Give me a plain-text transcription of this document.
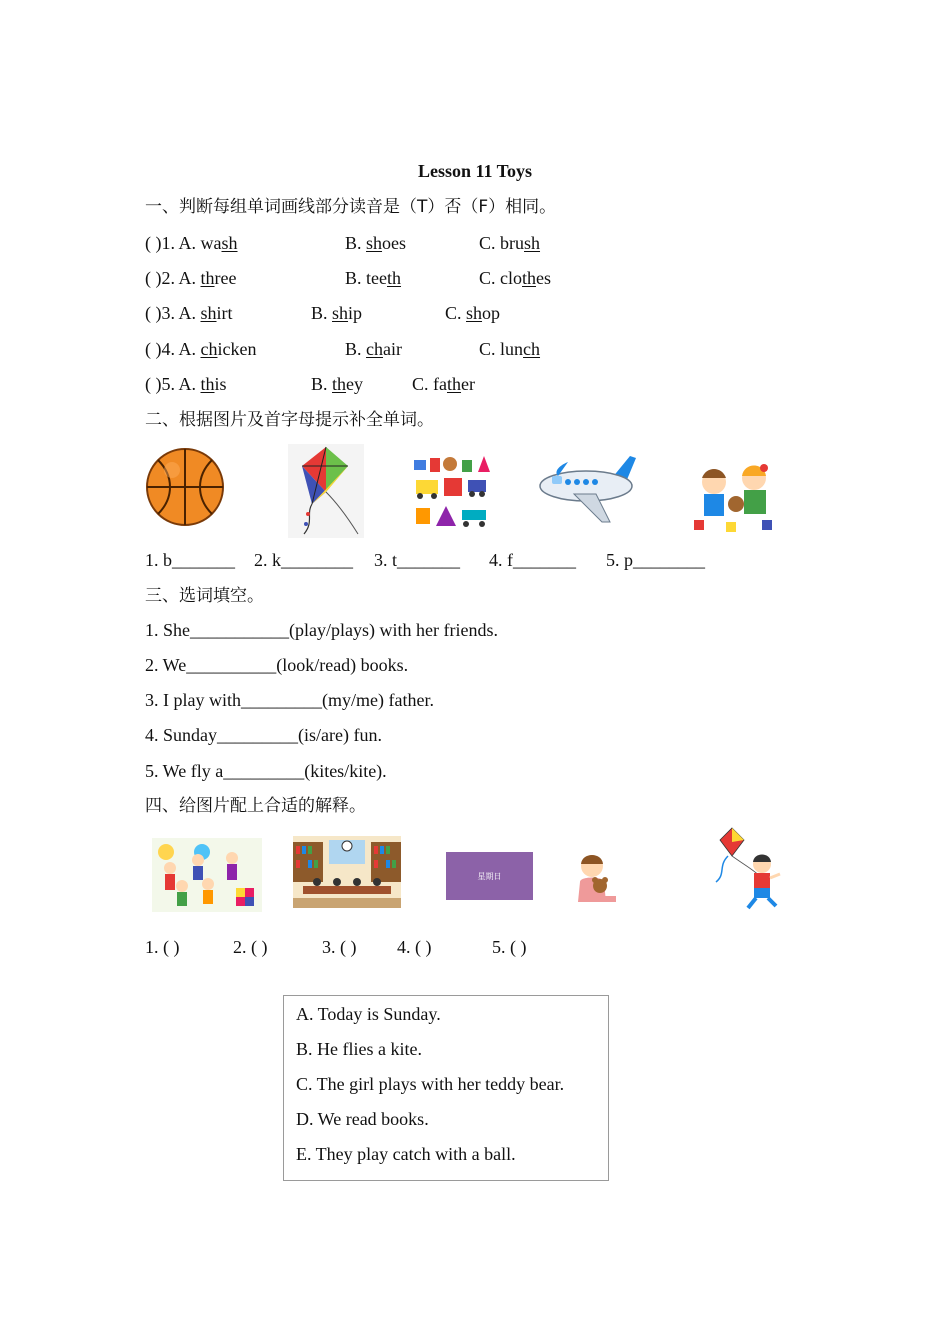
Lesson 11 Toys
一、判断每组单词画线部分读音是（T）否（F）相同。
( )1. A. wash	B. shoes	C. brush
( )2. A. three	B. teeth	C. clothes
( )3. A. shirt	B. ship	C. shop
( )4. A. chicken	B. chair	C. lunch
( )5. A. this	B. they	C. father
二、根据图片及首字母提示补全单词。
1. b_______ 2. k________ 3. t_______ 4. f_______ 5. p________
三、选词填空。
1. She___________(play/plays) with her friends.
2. We__________(look/read) books.
3. I play with_________(my/me) father.
4. Sunday_________(is/are) fun.
5. We fly a_________(kites/kite).
四、给图片配上合适的解释。
星期日
1. ( )	2. ( )	3. ( ) 4. ( )	5. ( )
A. Today is Sunday.
B. He flies a kite.
C. The girl plays with her teddy bear.
D. We read books.
E. They play catch with a ball.
